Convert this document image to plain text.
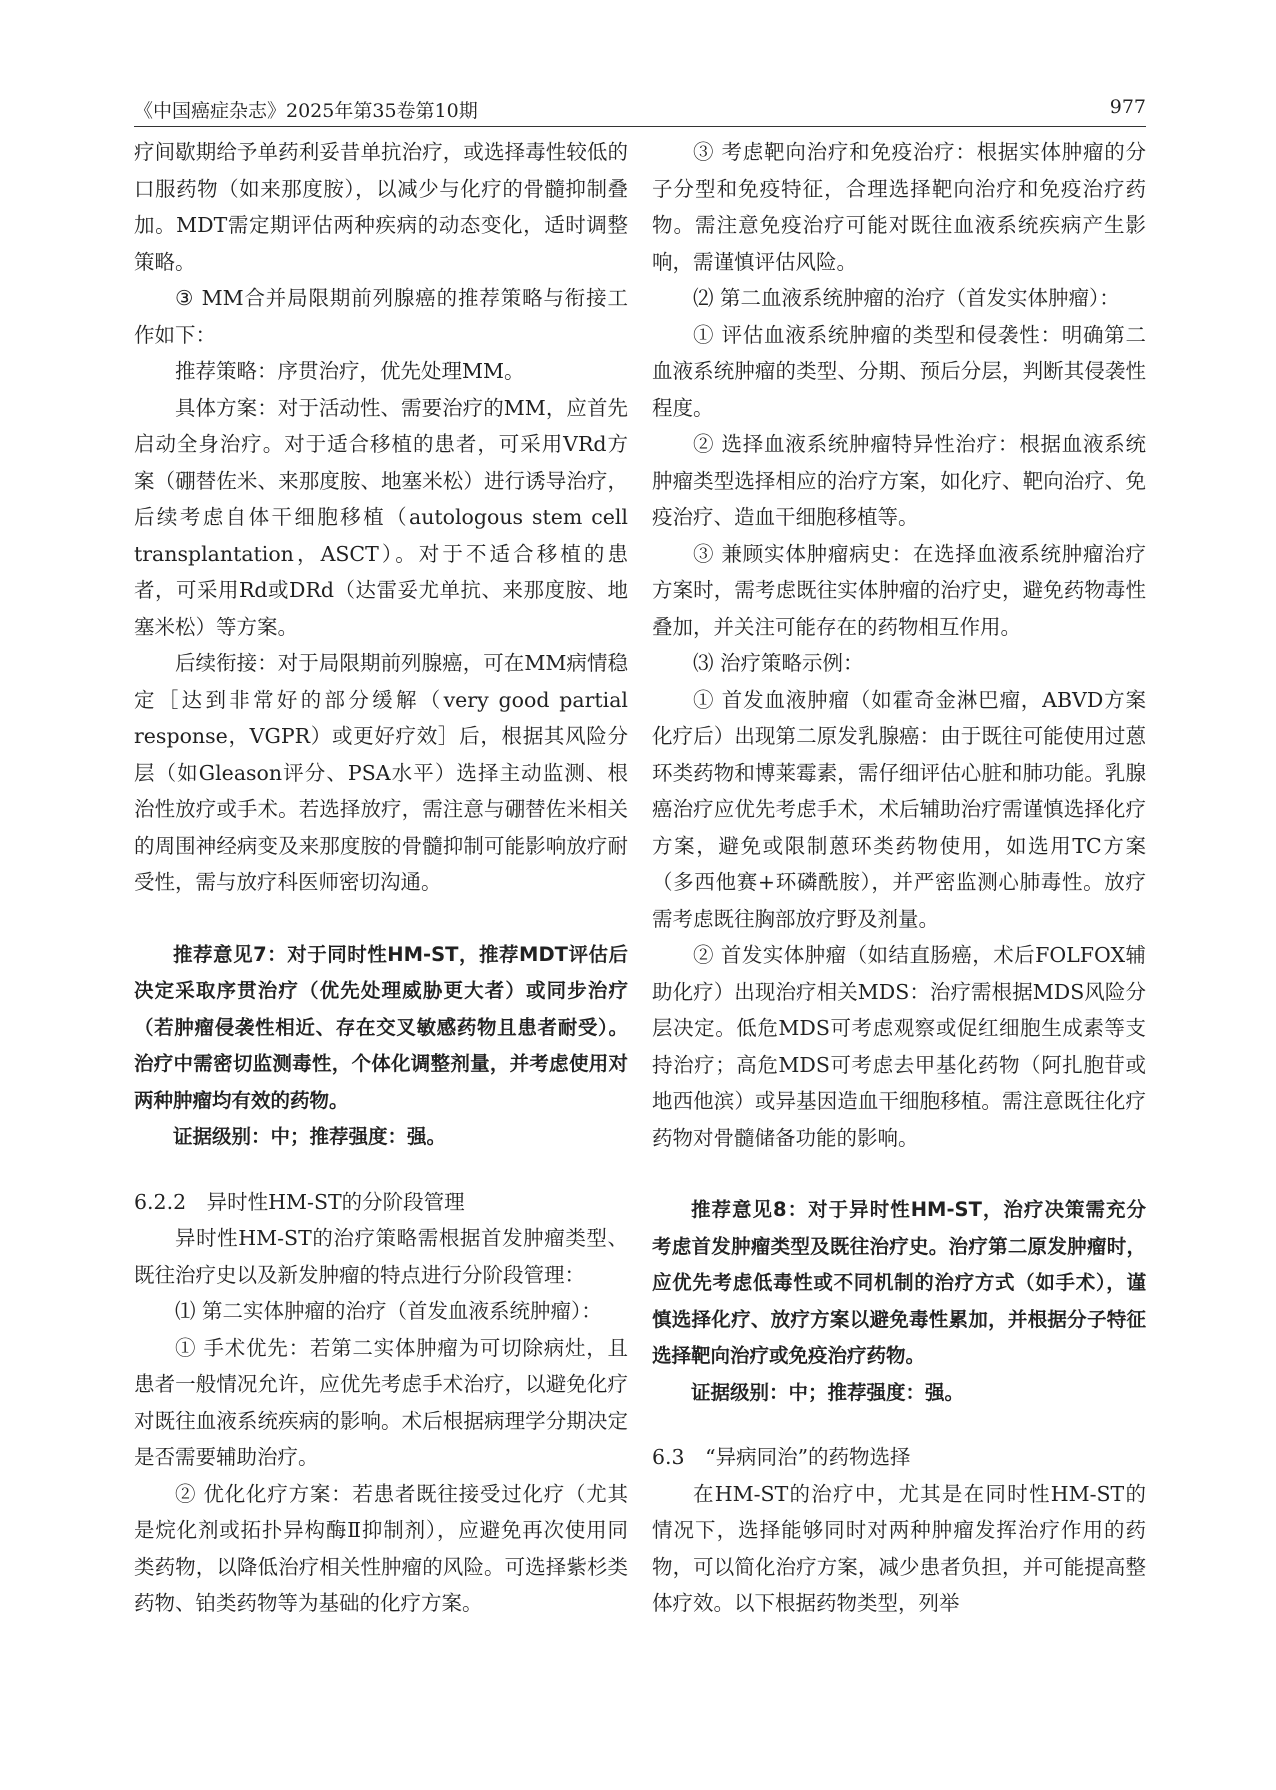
《中国癌症杂志》2025年第35卷第10期	977

疗间歇期给予单药利妥昔单抗治疗，或选择毒性较低的口服药物（如来那度胺），以减少与化疗的骨髓抑制叠加。MDT需定期评估两种疾病的动态变化，适时调整策略。

③ MM合并局限期前列腺癌的推荐策略与衔接工作如下：

推荐策略：序贯治疗，优先处理MM。

具体方案：对于活动性、需要治疗的MM，应首先启动全身治疗。对于适合移植的患者，可采用VRd方案（硼替佐米、来那度胺、地塞米松）进行诱导治疗，后续考虑自体干细胞移植（autologous stem cell transplantation，ASCT）。对于不适合移植的患者，可采用Rd或DRd（达雷妥尤单抗、来那度胺、地塞米松）等方案。

后续衔接：对于局限期前列腺癌，可在MM病情稳定［达到非常好的部分缓解（very good partial response，VGPR）或更好疗效］后，根据其风险分层（如Gleason评分、PSA水平）选择主动监测、根治性放疗或手术。若选择放疗，需注意与硼替佐米相关的周围神经病变及来那度胺的骨髓抑制可能影响放疗耐受性，需与放疗科医师密切沟通。

推荐意见7：对于同时性HM-ST，推荐MDT评估后决定采取序贯治疗（优先处理威胁更大者）或同步治疗（若肿瘤侵袭性相近、存在交叉敏感药物且患者耐受）。治疗中需密切监测毒性，个体化调整剂量，并考虑使用对两种肿瘤均有效的药物。

证据级别：中；推荐强度：强。

6.2.2　异时性HM-ST的分阶段管理

异时性HM-ST的治疗策略需根据首发肿瘤类型、既往治疗史以及新发肿瘤的特点进行分阶段管理：

⑴ 第二实体肿瘤的治疗（首发血液系统肿瘤）：

① 手术优先：若第二实体肿瘤为可切除病灶，且患者一般情况允许，应优先考虑手术治疗，以避免化疗对既往血液系统疾病的影响。术后根据病理学分期决定是否需要辅助治疗。

② 优化化疗方案：若患者既往接受过化疗（尤其是烷化剂或拓扑异构酶Ⅱ抑制剂），应避免再次使用同类药物，以降低治疗相关性肿瘤的风险。可选择紫杉类药物、铂类药物等为基础的化疗方案。

③ 考虑靶向治疗和免疫治疗：根据实体肿瘤的分子分型和免疫特征，合理选择靶向治疗和免疫治疗药物。需注意免疫治疗可能对既往血液系统疾病产生影响，需谨慎评估风险。

⑵ 第二血液系统肿瘤的治疗（首发实体肿瘤）：

① 评估血液系统肿瘤的类型和侵袭性：明确第二血液系统肿瘤的类型、分期、预后分层，判断其侵袭性程度。

② 选择血液系统肿瘤特异性治疗：根据血液系统肿瘤类型选择相应的治疗方案，如化疗、靶向治疗、免疫治疗、造血干细胞移植等。

③ 兼顾实体肿瘤病史：在选择血液系统肿瘤治疗方案时，需考虑既往实体肿瘤的治疗史，避免药物毒性叠加，并关注可能存在的药物相互作用。

⑶ 治疗策略示例：

① 首发血液肿瘤（如霍奇金淋巴瘤，ABVD方案化疗后）出现第二原发乳腺癌：由于既往可能使用过蒽环类药物和博莱霉素，需仔细评估心脏和肺功能。乳腺癌治疗应优先考虑手术，术后辅助治疗需谨慎选择化疗方案，避免或限制蒽环类药物使用，如选用TC方案（多西他赛+环磷酰胺），并严密监测心肺毒性。放疗需考虑既往胸部放疗野及剂量。

② 首发实体肿瘤（如结直肠癌，术后FOLFOX辅助化疗）出现治疗相关MDS：治疗需根据MDS风险分层决定。低危MDS可考虑观察或促红细胞生成素等支持治疗；高危MDS可考虑去甲基化药物（阿扎胞苷或地西他滨）或异基因造血干细胞移植。需注意既往化疗药物对骨髓储备功能的影响。

推荐意见8：对于异时性HM-ST，治疗决策需充分考虑首发肿瘤类型及既往治疗史。治疗第二原发肿瘤时，应优先考虑低毒性或不同机制的治疗方式（如手术），谨慎选择化疗、放疗方案以避免毒性累加，并根据分子特征选择靶向治疗或免疫治疗药物。

证据级别：中；推荐强度：强。

6.3　“异病同治”的药物选择

在HM-ST的治疗中，尤其是在同时性HM-ST的情况下，选择能够同时对两种肿瘤发挥治疗作用的药物，可以简化治疗方案，减少患者负担，并可能提高整体疗效。以下根据药物类型，列举
